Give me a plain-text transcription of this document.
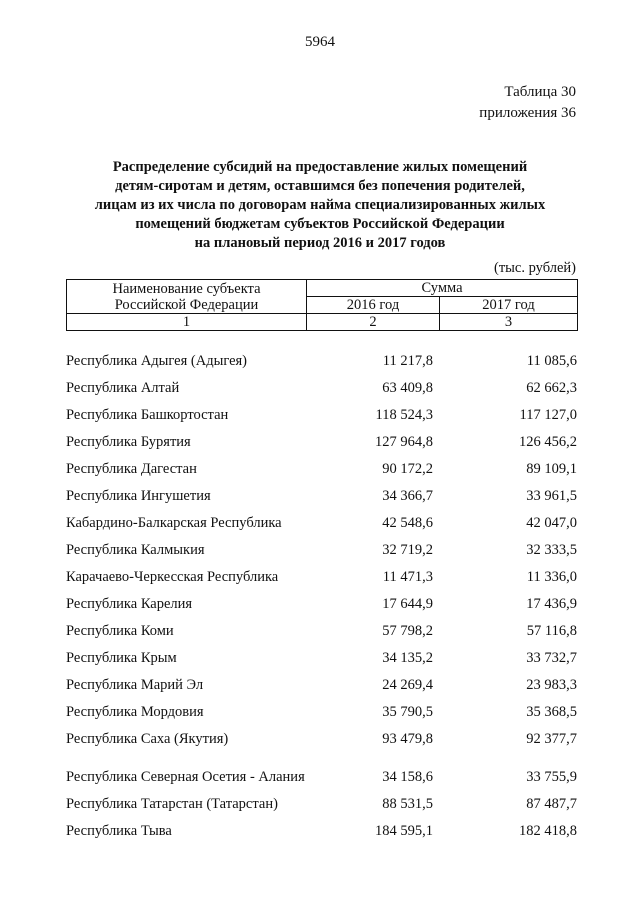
5964
Таблица 30
приложения 36
Распределение субсидий на предоставление жилых помещений
детям-сиротам и детям, оставшимся без попечения родителей,
лицам из их числа по договорам найма специализированных жилых
помещений бюджетам субъектов Российской Федерации
на плановый период 2016 и 2017 годов
(тыс. рублей)
Наименование субъекта Российской Федерации	Сумма	
	2016 год	2017 год
1	2	3
Республика Адыгея (Адыгея)	11 217,8	11 085,6
Республика Алтай	63 409,8	62 662,3
Республика Башкортостан	118 524,3	117 127,0
Республика Бурятия	127 964,8	126 456,2
Республика Дагестан	90 172,2	89 109,1
Республика Ингушетия	34 366,7	33 961,5
Кабардино-Балкарская Республика	42 548,6	42 047,0
Республика Калмыкия	32 719,2	32 333,5
Карачаево-Черкесская Республика	11 471,3	11 336,0
Республика Карелия	17 644,9	17 436,9
Республика Коми	57 798,2	57 116,8
Республика Крым	34 135,2	33 732,7
Республика Марий Эл	24 269,4	23 983,3
Республика Мордовия	35 790,5	35 368,5
Республика Саха (Якутия)	93 479,8	92 377,7
Республика Северная Осетия - Алания	34 158,6	33 755,9
Республика Татарстан (Татарстан)	88 531,5	87 487,7
Республика Тыва	184 595,1	182 418,8
